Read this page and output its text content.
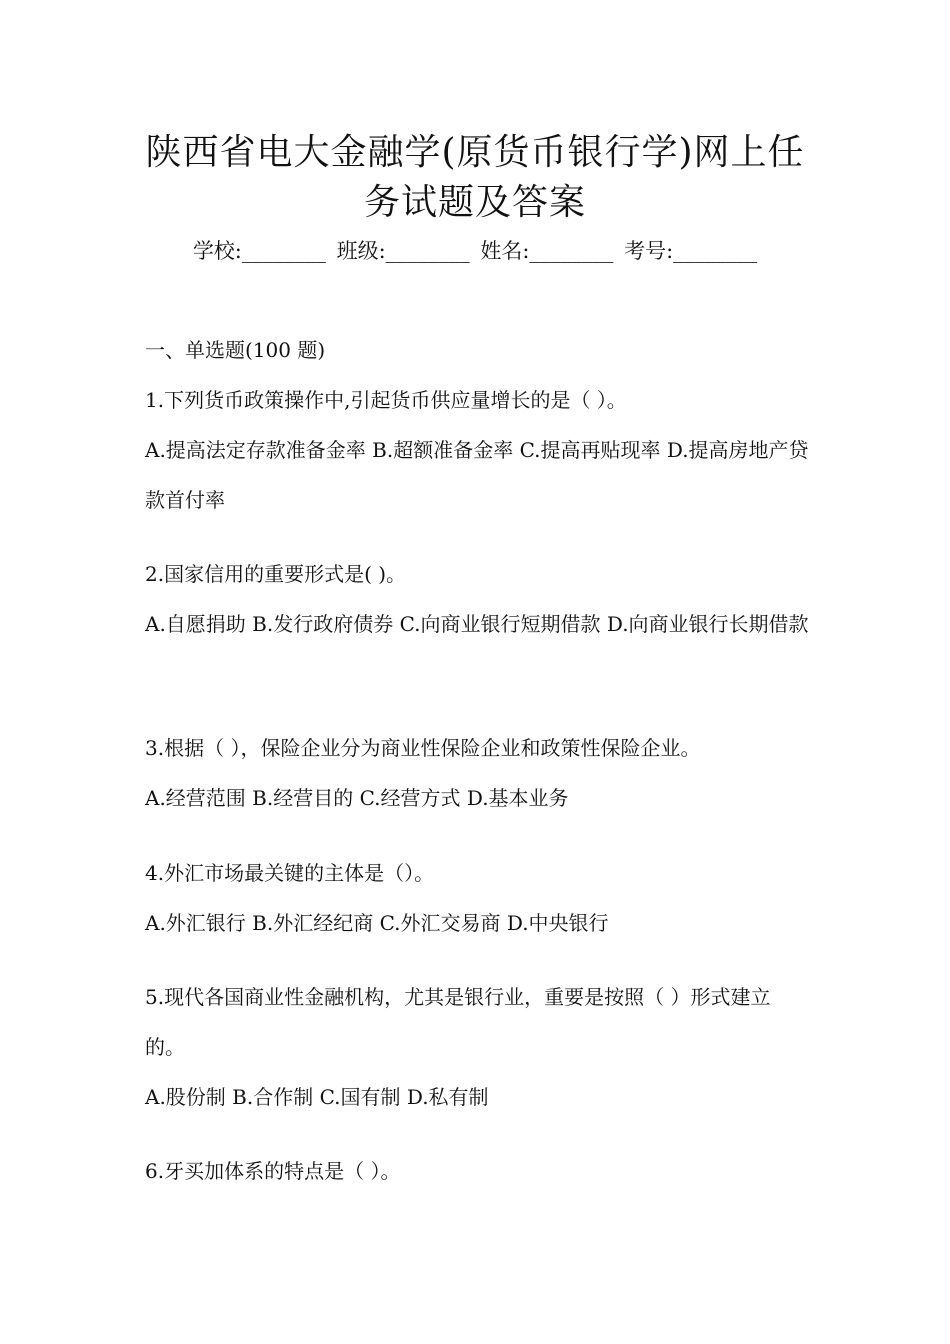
陕西省电大金融学(原货币银行学)网上任
务试题及答案
学校:________ 班级:________ 姓名:________ 考号:________
一、单选题(100 题)
1.下列货币政策操作中,引起货币供应量增长的是（ ）。
A.提高法定存款准备金率 B.超额准备金率 C.提高再贴现率 D.提高房地产贷款首付率
2.国家信用的重要形式是( )。
A.自愿捐助 B.发行政府债券 C.向商业银行短期借款 D.向商业银行长期借款
3.根据（ ），保险企业分为商业性保险企业和政策性保险企业。
A.经营范围 B.经营目的 C.经营方式 D.基本业务
4.外汇市场最关键的主体是（）。
A.外汇银行 B.外汇经纪商 C.外汇交易商 D.中央银行
5.现代各国商业性金融机构，尤其是银行业，重要是按照（ ）形式建立的。
A.股份制 B.合作制 C.国有制 D.私有制
6.牙买加体系的特点是（ ）。
